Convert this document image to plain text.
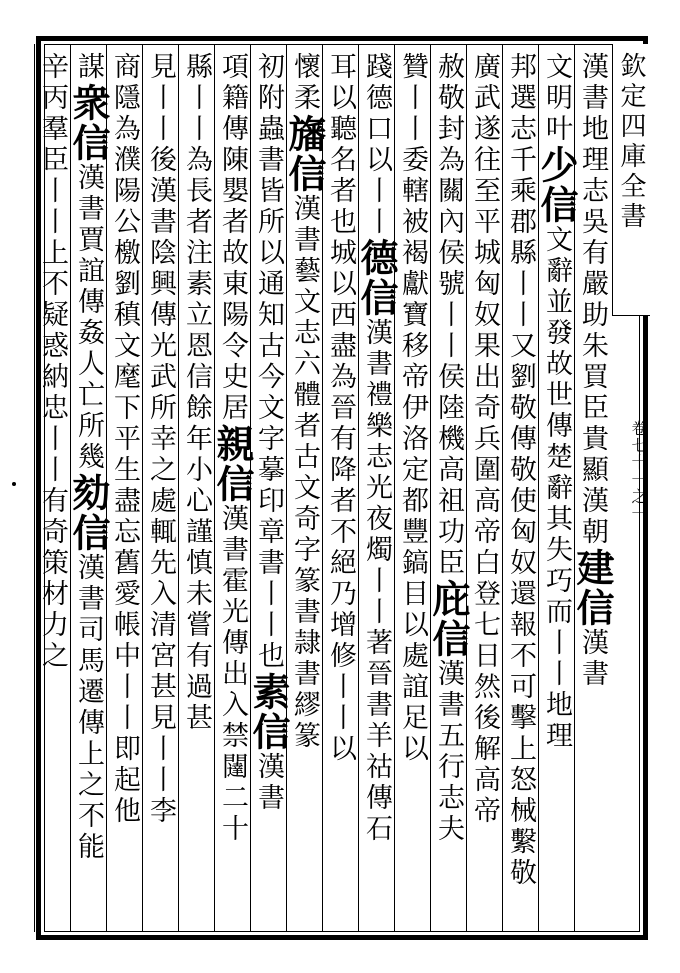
欽定四庫全書
卷七十一之一
漢書地理志吳有嚴助朱買臣貴顯漢朝建信漢書
文明叶少信文辭並發故世傳楚辭其失巧而丨丨地理
邦選志千乘郡縣丨丨又劉敬傳敬使匈奴還報不可擊上怒械繫敬
廣武遂往至平城匈奴果出奇兵圍高帝白登七日然後解高帝
赦敬封為關內侯號丨丨侯陸機高祖功臣庇信漢書五行志夫
贊丨丨委轄被褐獻寶移帝伊洛定都豐鎬目以處誼足以
踐德口以丨丨德信漢書禮樂志光夜燭丨丨著晉書羊祜傳石
耳以聽名者也城以西盡為晉有降者不絕乃增修丨丨以
懷柔旛信漢書藝文志六體者古文奇字篆書隷書繆篆
初附蟲書皆所以通知古今文字摹印章書丨丨也素信漢書
項籍傳陳嬰者故東陽令史居親信漢書霍光傳出入禁闥二十
縣丨丨為長者注素立恩信餘年小心謹慎未嘗有過甚
見丨丨後漢書陰興傳光武所幸之處輒先入清宮甚見丨丨李
商隱為濮陽公檄劉稹文麾下平生盡忘舊愛帳中丨丨即起他
謀衆信漢書賈誼傳姦人亡所幾劾信漢書司馬遷傳上之不能
辛丙羣臣丨丨上不疑惑納忠丨丨有奇策材力之
